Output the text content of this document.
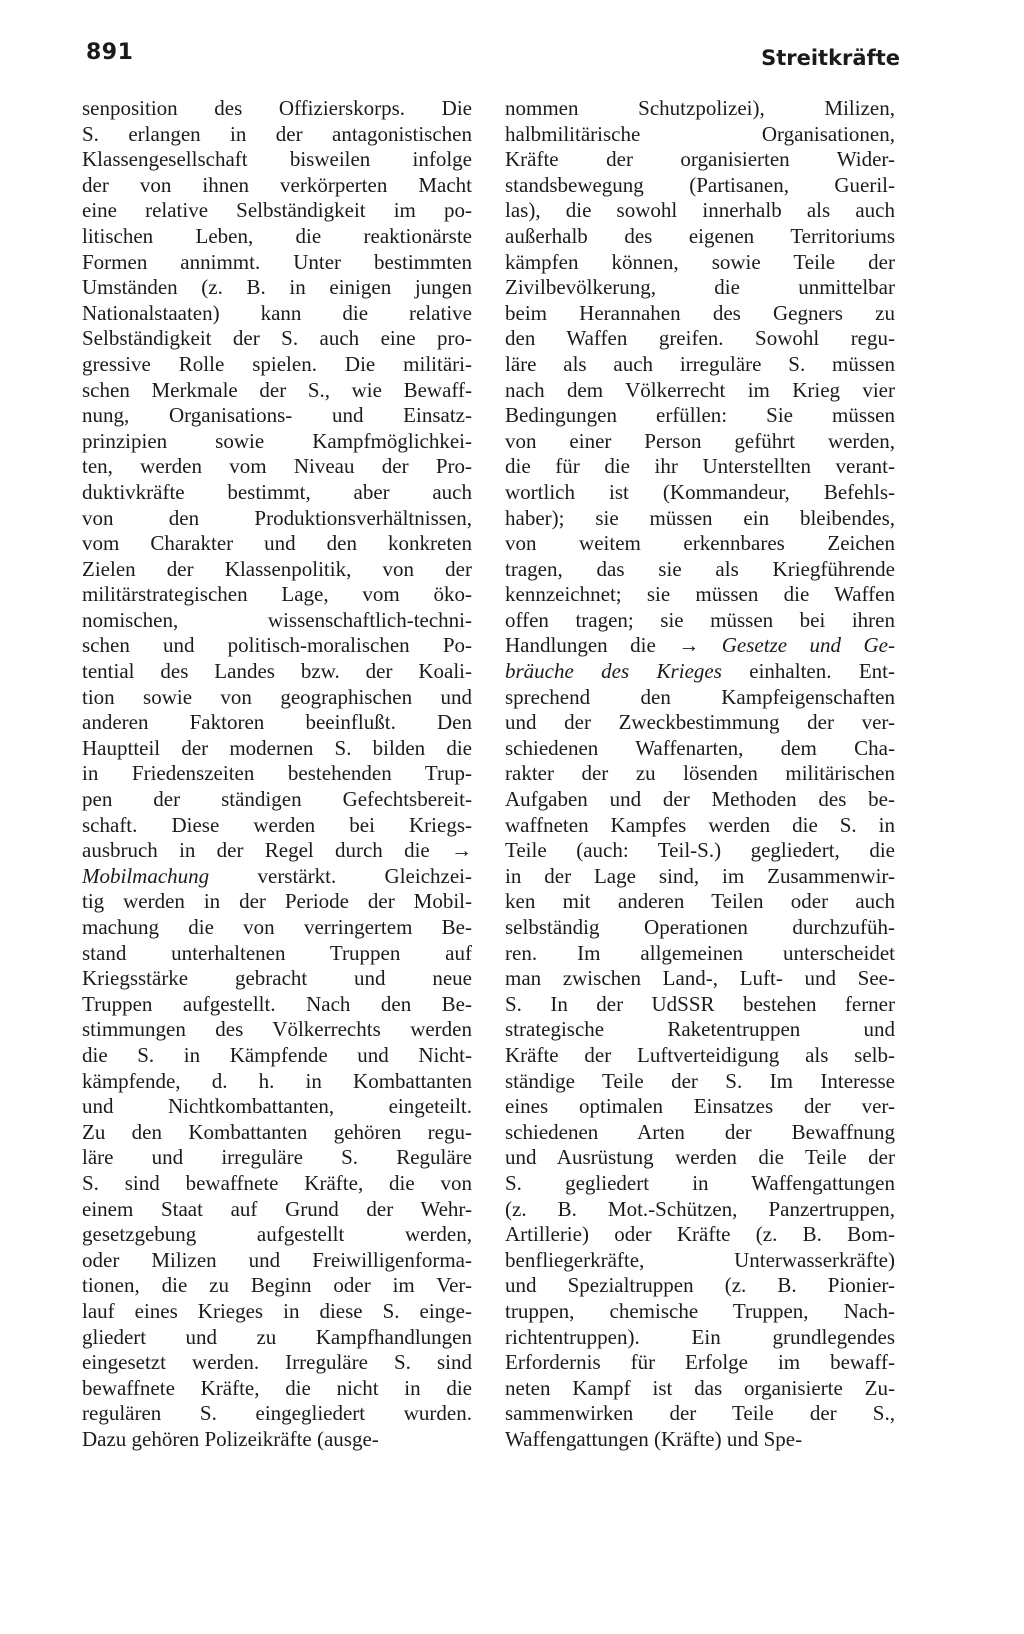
891	Streitkräfte
senposition des Offizierskorps. Die
S. erlangen in der antagonistischen
Klassengesellschaft bisweilen infolge
der von ihnen verkörperten Macht
eine relative Selbständigkeit im po-
litischen Leben, die reaktionärste
Formen annimmt. Unter bestimmten
Umständen (z. B. in einigen jungen
Nationalstaaten) kann die relative
Selbständigkeit der S. auch eine pro-
gressive Rolle spielen. Die militäri-
schen Merkmale der S., wie Bewaff-
nung, Organisations- und Einsatz-
prinzipien sowie Kampfmöglichkei-
ten, werden vom Niveau der Pro-
duktivkräfte bestimmt, aber auch
von den Produktionsverhältnissen,
vom Charakter und den konkreten
Zielen der Klassenpolitik, von der
militärstrategischen Lage, vom öko-
nomischen, wissenschaftlich-techni-
schen und politisch-moralischen Po-
tential des Landes bzw. der Koali-
tion sowie von geographischen und
anderen Faktoren beeinflußt. Den
Hauptteil der modernen S. bilden die
in Friedenszeiten bestehenden Trup-
pen der ständigen Gefechtsbereit-
schaft. Diese werden bei Kriegs-
ausbruch in der Regel durch die →
Mobilmachung verstärkt. Gleichzei-
tig werden in der Periode der Mobil-
machung die von verringertem Be-
stand unterhaltenen Truppen auf
Kriegsstärke gebracht und neue
Truppen aufgestellt. Nach den Be-
stimmungen des Völkerrechts werden
die S. in Kämpfende und Nicht-
kämpfende, d. h. in Kombattanten
und Nichtkombattanten, eingeteilt.
Zu den Kombattanten gehören regu-
läre und irreguläre S. Reguläre
S. sind bewaffnete Kräfte, die von
einem Staat auf Grund der Wehr-
gesetzgebung aufgestellt werden,
oder Milizen und Freiwilligenforma-
tionen, die zu Beginn oder im Ver-
lauf eines Krieges in diese S. einge-
gliedert und zu Kampfhandlungen
eingesetzt werden. Irreguläre S. sind
bewaffnete Kräfte, die nicht in die
regulären S. eingegliedert wurden.
Dazu gehören Polizeikräfte (ausge-
nommen Schutzpolizei), Milizen,
halbmilitärische Organisationen,
Kräfte der organisierten Wider-
standsbewegung (Partisanen, Gueril-
las), die sowohl innerhalb als auch
außerhalb des eigenen Territoriums
kämpfen können, sowie Teile der
Zivilbevölkerung, die unmittelbar
beim Herannahen des Gegners zu
den Waffen greifen. Sowohl regu-
läre als auch irreguläre S. müssen
nach dem Völkerrecht im Krieg vier
Bedingungen erfüllen: Sie müssen
von einer Person geführt werden,
die für die ihr Unterstellten verant-
wortlich ist (Kommandeur, Befehls-
haber); sie müssen ein bleibendes,
von weitem erkennbares Zeichen
tragen, das sie als Kriegführende
kennzeichnet; sie müssen die Waffen
offen tragen; sie müssen bei ihren
Handlungen die → Gesetze und Ge-
bräuche des Krieges einhalten. Ent-
sprechend den Kampfeigenschaften
und der Zweckbestimmung der ver-
schiedenen Waffenarten, dem Cha-
rakter der zu lösenden militärischen
Aufgaben und der Methoden des be-
waffneten Kampfes werden die S. in
Teile (auch: Teil-S.) gegliedert, die
in der Lage sind, im Zusammenwir-
ken mit anderen Teilen oder auch
selbständig Operationen durchzufüh-
ren. Im allgemeinen unterscheidet
man zwischen Land-, Luft- und See-
S. In der UdSSR bestehen ferner
strategische Raketentruppen und
Kräfte der Luftverteidigung als selb-
ständige Teile der S. Im Interesse
eines optimalen Einsatzes der ver-
schiedenen Arten der Bewaffnung
und Ausrüstung werden die Teile der
S. gegliedert in Waffengattungen
(z. B. Mot.-Schützen, Panzertruppen,
Artillerie) oder Kräfte (z. B. Bom-
benfliegerkräfte, Unterwasserkräfte)
und Spezialtruppen (z. B. Pionier-
truppen, chemische Truppen, Nach-
richtentruppen). Ein grundlegendes
Erfordernis für Erfolge im bewaff-
neten Kampf ist das organisierte Zu-
sammenwirken der Teile der S.,
Waffengattungen (Kräfte) und Spe-
